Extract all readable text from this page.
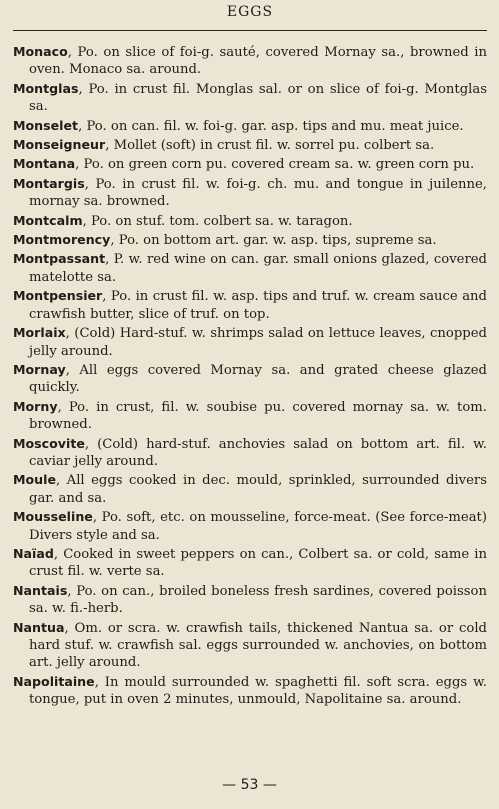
EGGS
Monaco, Po. on slice of foi-g. sauté, covered Mornay sa., browned in oven. Monaco sa. around.
Montglas, Po. in crust fil. Monglas sal. or on slice of foi-g. Montglas sa.
Monselet, Po. on can. fil. w. foi-g. gar. asp. tips and mu. meat juice.
Monseigneur, Mollet (soft) in crust fil. w. sorrel pu. colbert sa.
Montana, Po. on green corn pu. covered cream sa. w. green corn pu.
Montargis, Po. in crust fil. w. foi-g. ch. mu. and tongue in juilenne, mornay sa. browned.
Montcalm, Po. on stuf. tom. colbert sa. w. taragon.
Montmorency, Po. on bottom art. gar. w. asp. tips, supreme sa.
Montpassant, P. w. red wine on can. gar. small onions glazed, covered matelotte sa.
Montpensier, Po. in crust fil. w. asp. tips and truf. w. cream sauce and crawfish butter, slice of truf. on top.
Morlaix, (Cold) Hard-stuf. w. shrimps salad on lettuce leaves, cnopped jelly around.
Mornay, All eggs covered Mornay sa. and grated cheese glazed quickly.
Morny, Po. in crust, fil. w. soubise pu. covered mornay sa. w. tom. browned.
Moscovite, (Cold) hard-stuf. anchovies salad on bottom art. fil. w. caviar jelly around.
Moule, All eggs cooked in dec. mould, sprinkled, surrounded divers gar. and sa.
Mousseline, Po. soft, etc. on mousseline, force-meat. (See force-meat) Divers style and sa.
Naïad, Cooked in sweet peppers on can., Colbert sa. or cold, same in crust fil. w. verte sa.
Nantais, Po. on can., broiled boneless fresh sardines, covered poisson sa. w. fi.-herb.
Nantua, Om. or scra. w. crawfish tails, thickened Nantua sa. or cold hard stuf. w. crawfish sal. eggs surrounded w. anchovies, on bottom art. jelly around.
Napolitaine, In mould surrounded w. spaghetti fil. soft scra. eggs w. tongue, put in oven 2 minutes, unmould, Napolitaine sa. around.
— 53 —
